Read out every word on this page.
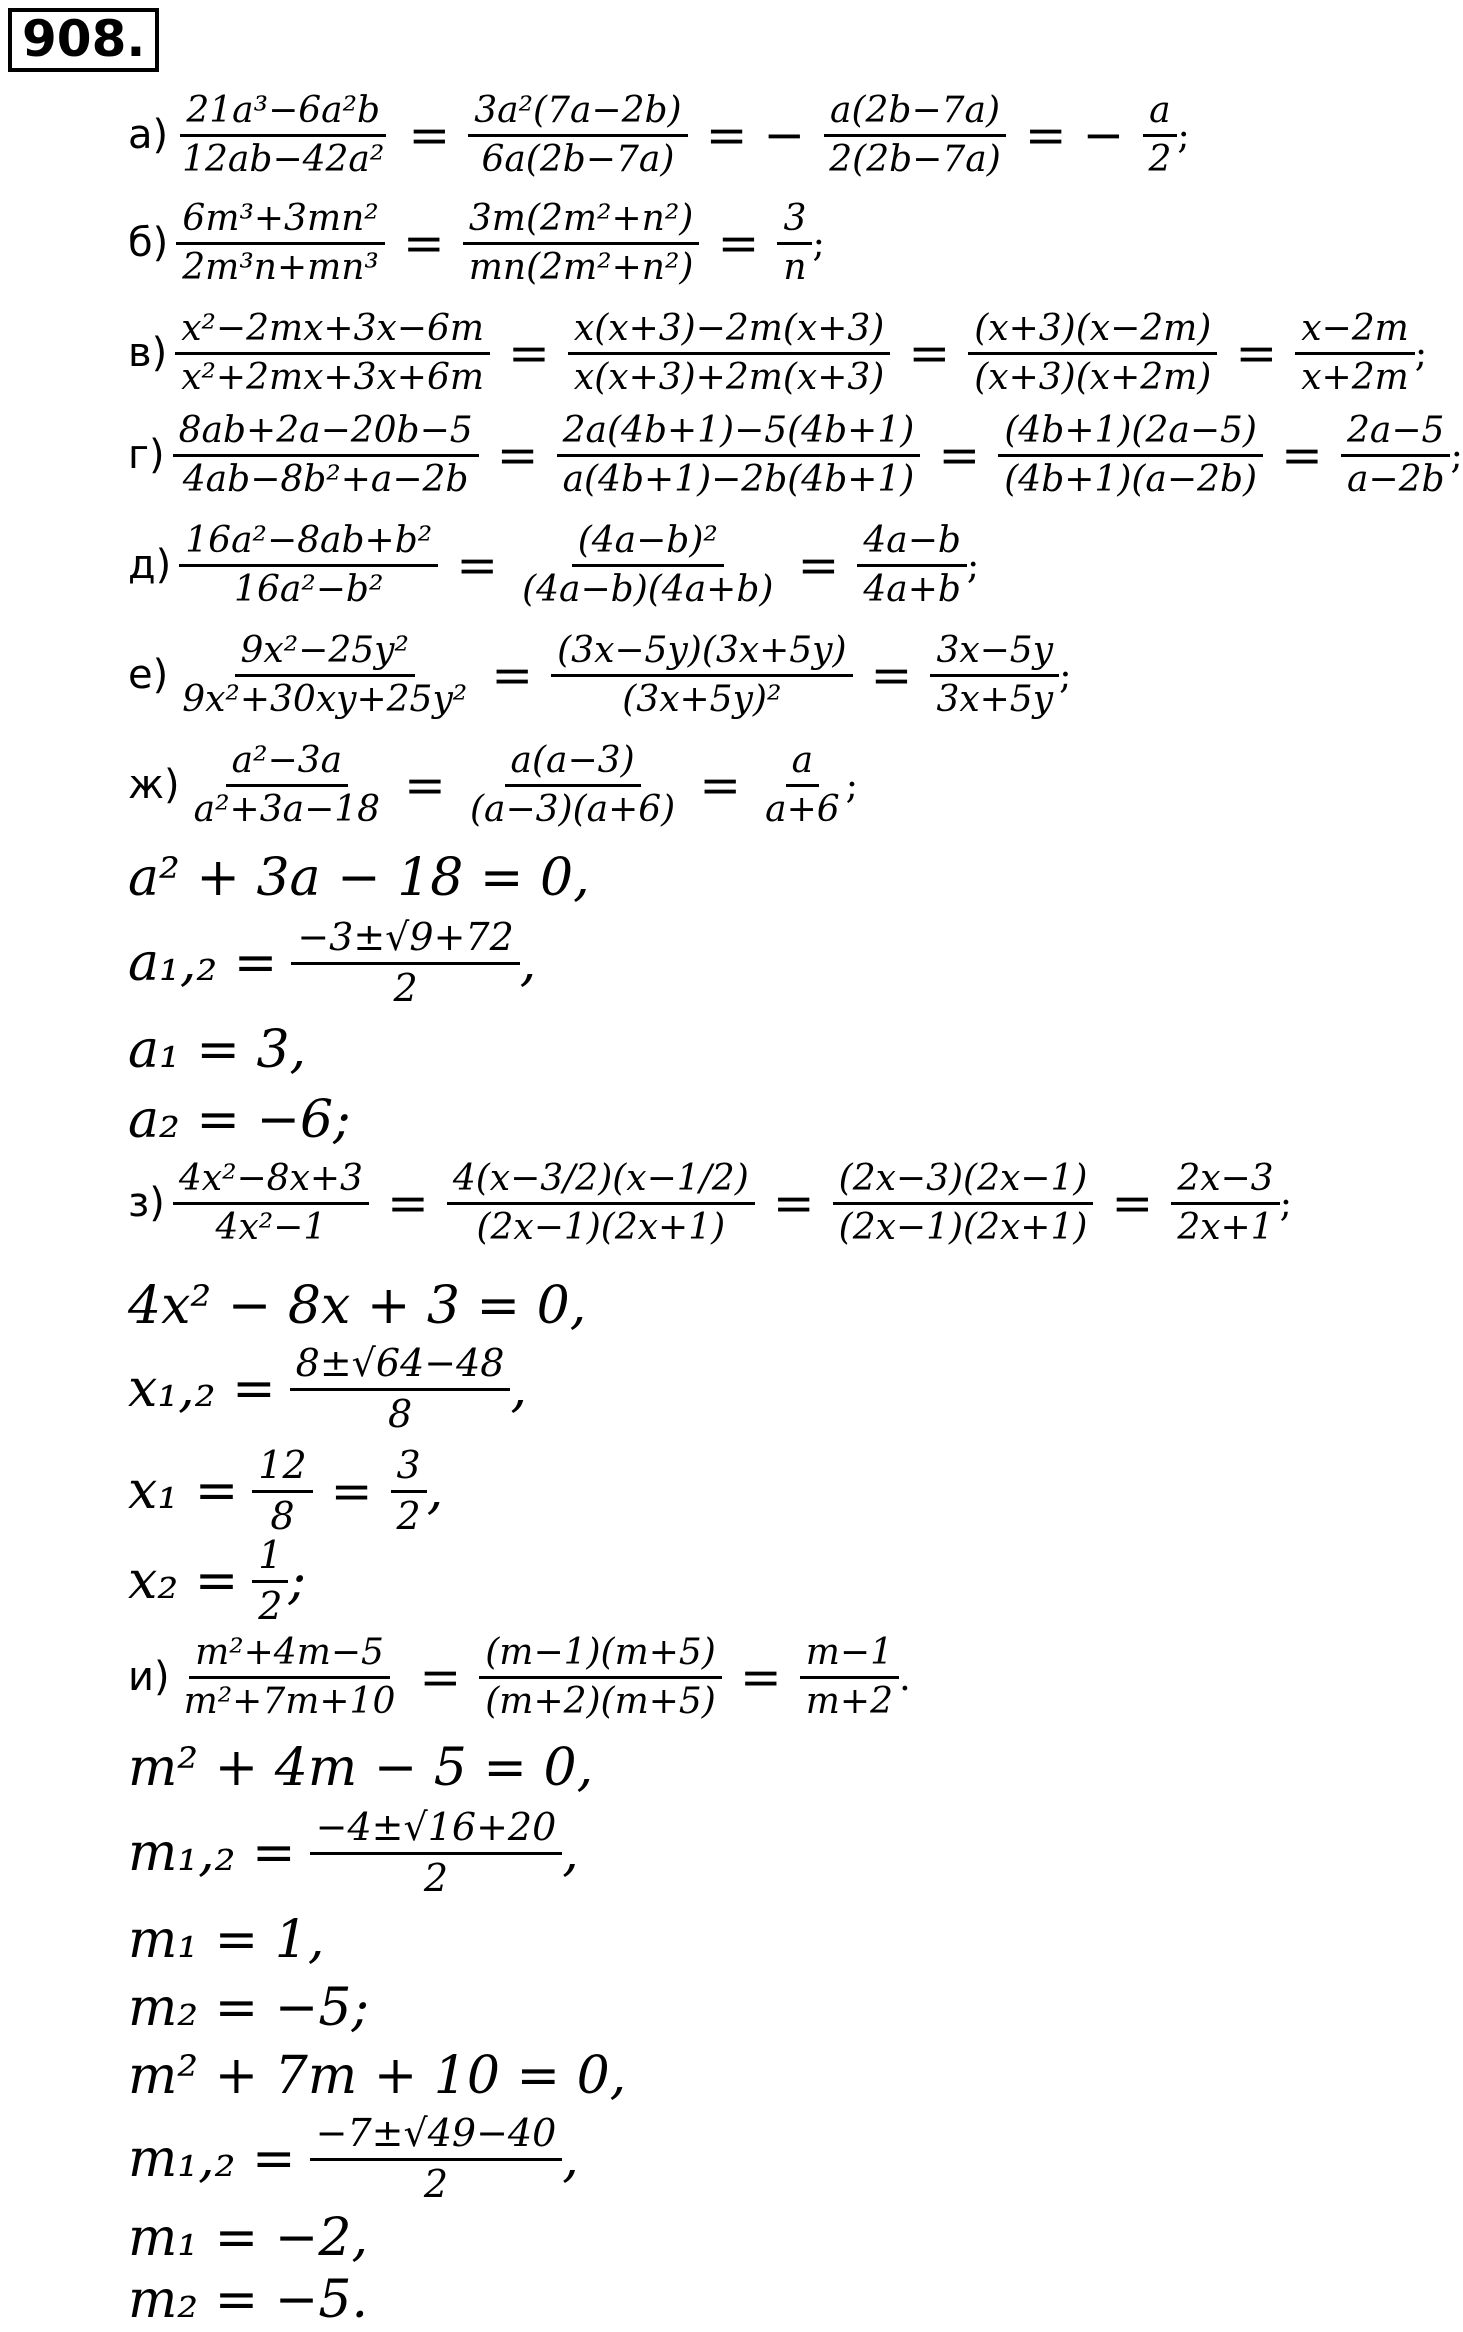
908.
$а) \frac{\text{21a³−6a²b}}{\text{12ab−42a²}} = \frac{\text{3a²(7a−2b)}}{6a(2b-7a)}$ = − $\frac{a(2b-7a)}{2(2b-7a)}$ = − $\frac{a}{2}$ ;
$б) \frac{\text{6m³+3mn²}}{\text{2m³n+mn³}} = \frac{\text{3m(2m²+n²)}}{\text{mn(2m²+n²)}} = \frac{3}{n}$ ;
$в) \frac{\text{x²−2mx+3x−6m}}{\text{x²+2mx+3x+6m}} = \frac{x(x+3)-2m(x+3)}{x(x+3)+2m(x+3)} = \frac{(x+3)(x-2m)}{(x+3)(x+2m)} = \frac{x-2m}{x+2m}$ ;
$г) \frac{8ab+2a-20b-5}{\text{4ab−8b²+a−2b}} = \frac{2a(4b+1)-5(4b+1)}{a(4b+1)-2b(4b+1)} = \frac{(4b+1)(2a-5)}{(4b+1)(a-2b)} = \frac{2a-5}{a-2b}$ ;
$д) \frac{\text{16a²−8ab+b²}}{\text{16a²−b²}} = \frac{\text{(4a−b)²}}{(4a-b)(4a+b)} = \frac{4a-b}{4a+b}$ ;
$е) \frac{\text{9x²−25y²}}{\text{9x²+30xy+25y²}} = \frac{(3x-5y)(3x+5y)}{\text{(3x+5y)²}} = \frac{3x-5y}{3x+5y}$ ;
$ж) \frac{\text{a²−3a}}{\text{a²+3a−18}} = \frac{a(a-3)}{(a-3)(a+6)} = \frac{a}{a+6}$ ;
a² + 3a − 18 = 0,
$a_1,_2 = \frac{-3\pm√9+72}{2}$ ,
a₁ = 3,
a₂ = −6;
$з) \frac{\text{4x²−8x+3}}{\text{4x²−1}} = \frac{4(x-3/2)(x-1/2)}{(2x-1)(2x+1)} = \frac{(2x-3)(2x-1)}{(2x-1)(2x+1)} = \frac{2x-3}{2x+1}$ ;
4x² − 8x + 3 = 0,
$x_1,_2 = \frac{8\pm√64-48}{8}$ ,
$x_1 = \frac{12}{8} = \frac{3}{2}$ ,
$x_2 = \frac{1}{2}$ ;
$и) \frac{\text{m²+4m−5}}{\text{m²+7m+10}} = \frac{(m-1)(m+5)}{(m+2)(m+5)} = \frac{m-1}{m+2}$ .
m² + 4m − 5 = 0,
$m_1,_2 = \frac{-4\pm√16+20}{2}$ ,
m₁ = 1,
m₂ = −5;
m² + 7m + 10 = 0,
$m_1,_2 = \frac{-7\pm√49-40}{2}$ ,
m₁ = −2,
m₂ = −5.
